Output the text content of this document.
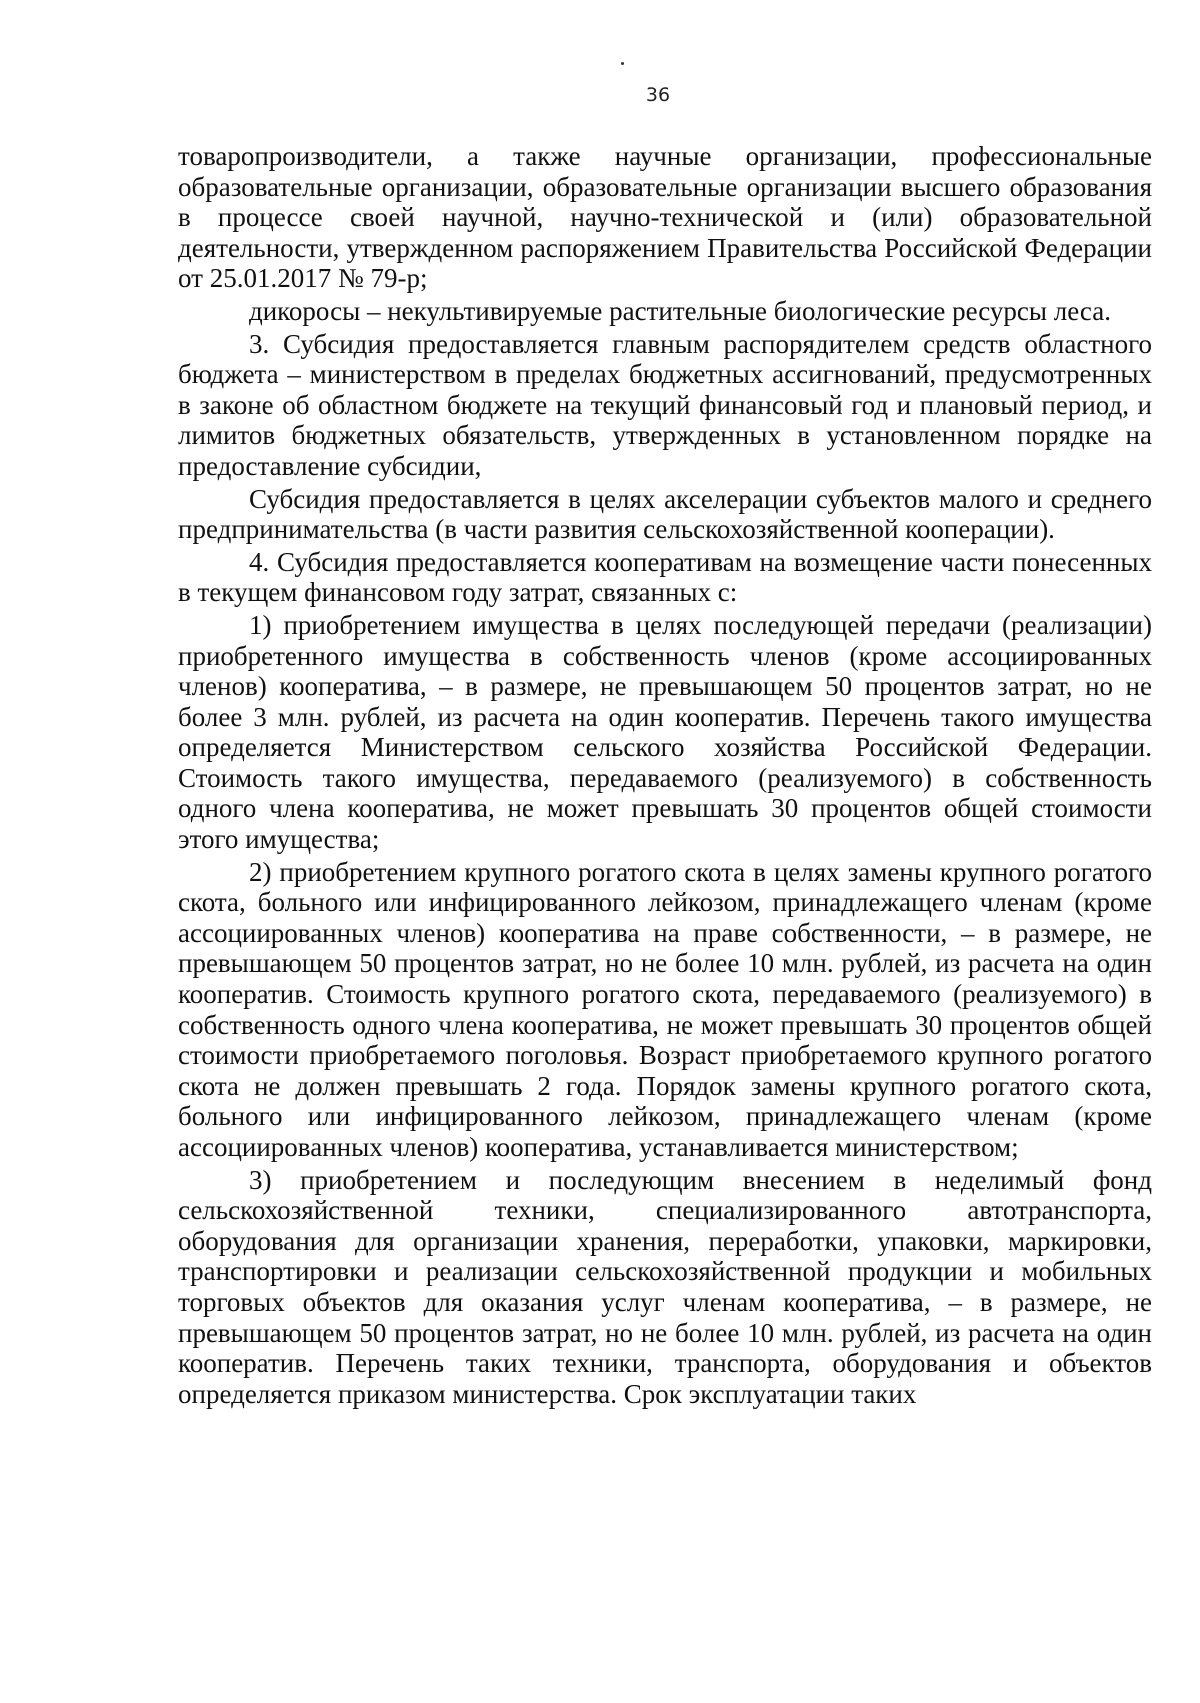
36

товаропроизводители, а также научные организации, профессиональные образовательные организации, образовательные организации высшего образования в процессе своей научной, научно-технической и (или) образовательной деятельности, утвержденном распоряжением Правительства Российской Федерации от 25.01.2017 № 79-р;

дикоросы – некультивируемые растительные биологические ресурсы леса.

3. Субсидия предоставляется главным распорядителем средств областного бюджета – министерством в пределах бюджетных ассигнований, предусмотренных в законе об областном бюджете на текущий финансовый год и плановый период, и лимитов бюджетных обязательств, утвержденных в установленном порядке на предоставление субсидии,

Субсидия предоставляется в целях акселерации субъектов малого и среднего предпринимательства (в части развития сельскохозяйственной кооперации).

4. Субсидия предоставляется кооперативам на возмещение части понесенных в текущем финансовом году затрат, связанных с:

1) приобретением имущества в целях последующей передачи (реализации) приобретенного имущества в собственность членов (кроме ассоциированных членов) кооператива, – в размере, не превышающем 50 процентов затрат, но не более 3 млн. рублей, из расчета на один кооператив. Перечень такого имущества определяется Министерством сельского хозяйства Российской Федерации. Стоимость такого имущества, передаваемого (реализуемого) в собственность одного члена кооператива, не может превышать 30 процентов общей стоимости этого имущества;

2) приобретением крупного рогатого скота в целях замены крупного рогатого скота, больного или инфицированного лейкозом, принадлежащего членам (кроме ассоциированных членов) кооператива на праве собственности, – в размере, не превышающем 50 процентов затрат, но не более 10 млн. рублей, из расчета на один кооператив. Стоимость крупного рогатого скота, передаваемого (реализуемого) в собственность одного члена кооператива, не может превышать 30 процентов общей стоимости приобретаемого поголовья. Возраст приобретаемого крупного рогатого скота не должен превышать 2 года. Порядок замены крупного рогатого скота, больного или инфицированного лейкозом, принадлежащего членам (кроме ассоциированных членов) кооператива, устанавливается министерством;

3) приобретением и последующим внесением в неделимый фонд сельскохозяйственной техники, специализированного автотранспорта, оборудования для организации хранения, переработки, упаковки, маркировки, транспортировки и реализации сельскохозяйственной продукции и мобильных торговых объектов для оказания услуг членам кооператива, – в размере, не превышающем 50 процентов затрат, но не более 10 млн. рублей, из расчета на один кооператив. Перечень таких техники, транспорта, оборудования и объектов определяется приказом министерства. Срок эксплуатации таких
